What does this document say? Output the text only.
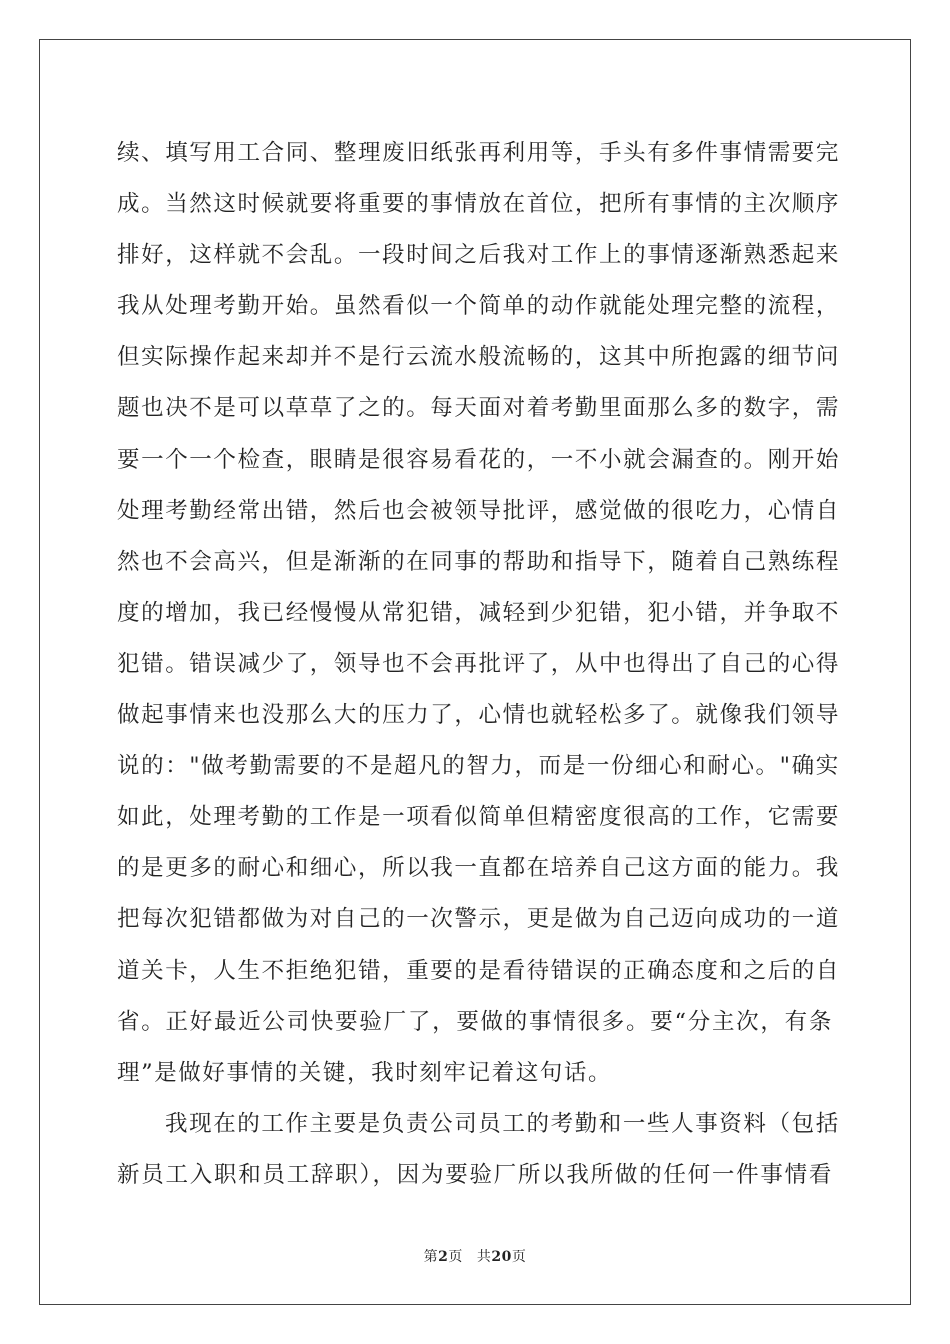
续、填写用工合同、整理废旧纸张再利用等，手头有多件事情需要完
成。当然这时候就要将重要的事情放在首位，把所有事情的主次顺序
排好，这样就不会乱。一段时间之后我对工作上的事情逐渐熟悉起来
我从处理考勤开始。虽然看似一个简单的动作就能处理完整的流程，
但实际操作起来却并不是行云流水般流畅的，这其中所抱露的细节问
题也决不是可以草草了之的。每天面对着考勤里面那么多的数字，需
要一个一个检查，眼睛是很容易看花的，一不小就会漏查的。刚开始
处理考勤经常出错，然后也会被领导批评，感觉做的很吃力，心情自
然也不会高兴，但是渐渐的在同事的帮助和指导下，随着自己熟练程
度的增加，我已经慢慢从常犯错，减轻到少犯错，犯小错，并争取不
犯错。错误减少了，领导也不会再批评了，从中也得出了自己的心得
做起事情来也没那么大的压力了，心情也就轻松多了。就像我们领导
说的："做考勤需要的不是超凡的智力，而是一份细心和耐心。"确实
如此，处理考勤的工作是一项看似简单但精密度很高的工作，它需要
的是更多的耐心和细心，所以我一直都在培养自己这方面的能力。我
把每次犯错都做为对自己的一次警示，更是做为自己迈向成功的一道
道关卡，人生不拒绝犯错，重要的是看待错误的正确态度和之后的自
省。正好最近公司快要验厂了，要做的事情很多。要“分主次，有条
理”是做好事情的关键，我时刻牢记着这句话。
我现在的工作主要是负责公司员工的考勤和一些人事资料（包括
新员工入职和员工辞职），因为要验厂所以我所做的任何一件事情看
第2页 共20页
